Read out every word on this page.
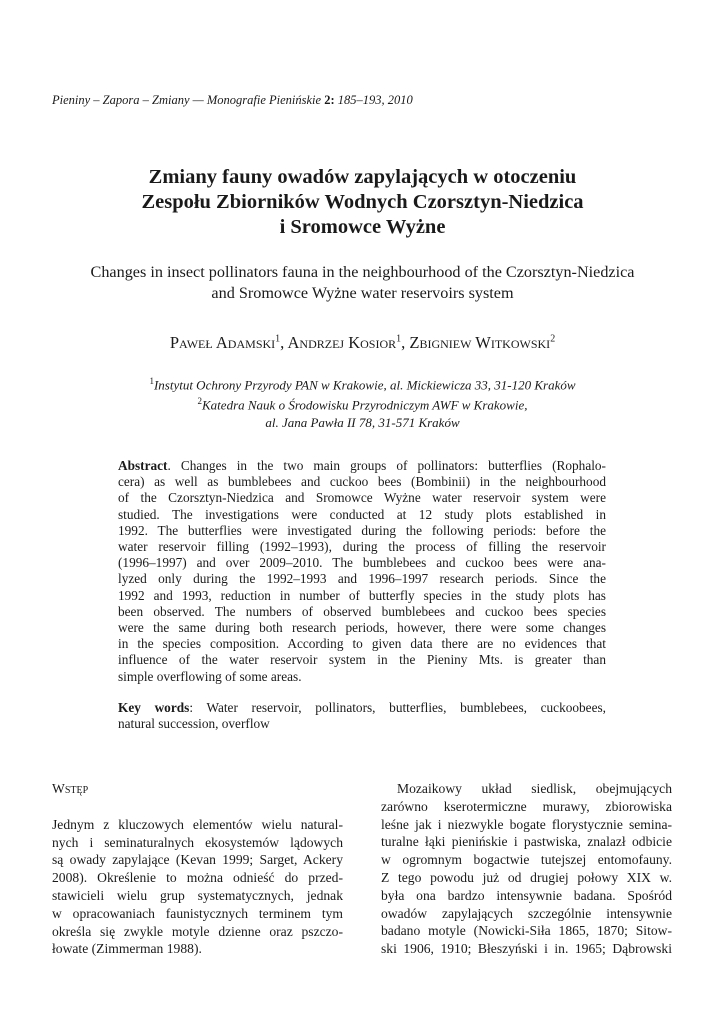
Pieniny – Zapora – Zmiany — Monografie Pienińskie 2: 185–193, 2010
Zmiany fauny owadów zapylających w otoczeniu
Zespołu Zbiorników Wodnych Czorsztyn-Niedzica
i Sromowce Wyżne
Changes in insect pollinators fauna in the neighbourhood of the Czorsztyn-Niedzica
and Sromowce Wyżne water reservoirs system
Paweł Adamski$^1$, Andrzej Kosior$^1$, Zbigniew Witkowski$^2$
$^1$Instytut Ochrony Przyrody PAN w Krakowie, al. Mickiewicza 33, 31-120 Kraków
$^2$Katedra Nauk o Środowisku Przyrodniczym AWF w Krakowie,
al. Jana Pawła II 78, 31-571 Kraków
Abstract. Changes in the two main groups of pollinators: butterflies (Rophalo-
cera) as well as bumblebees and cuckoo bees (Bombinii) in the neighbourhood
of the Czorsztyn-Niedzica and Sromowce Wyżne water reservoir system were
studied. The investigations were conducted at 12 study plots established in
1992. The butterflies were investigated during the following periods: before the
water reservoir filling (1992–1993), during the process of filling the reservoir
(1996–1997) and over 2009–2010. The bumblebees and cuckoo bees were ana-
lyzed only during the 1992–1993 and 1996–1997 research periods. Since the
1992 and 1993, reduction in number of butterfly species in the study plots has
been observed. The numbers of observed bumblebees and cuckoo bees species
were the same during both research periods, however, there were some changes
in the species composition. According to given data there are no evidences that
influence of the water reservoir system in the Pieniny Mts. is greater than
simple overflowing of some areas.
Key words: Water reservoir, pollinators, butterflies, bumblebees, cuckoobees,
natural succession, overflow
Wstęp
Jednym z kluczowych elementów wielu natural-
nych i seminaturalnych ekosystemów lądowych
są owady zapylające (Kevan 1999; Sarget, Ackery
2008). Określenie to można odnieść do przed-
stawicieli wielu grup systematycznych, jednak
w opracowaniach faunistycznych terminem tym
określa się zwykle motyle dzienne oraz pszczo-
łowate (Zimmerman 1988).
Mozaikowy układ siedlisk, obejmujących
zarówno kserotermiczne murawy, zbiorowiska
leśne jak i niezwykle bogate florystycznie semina-
turalne łąki pienińskie i pastwiska, znalazł odbicie
w ogromnym bogactwie tutejszej entomofauny.
Z tego powodu już od drugiej połowy XIX w.
była ona bardzo intensywnie badana. Spośród
owadów zapylających szczególnie intensywnie
badano motyle (Nowicki-Siła 1865, 1870; Sitow-
ski 1906, 1910; Błeszyński i in. 1965; Dąbrowski
